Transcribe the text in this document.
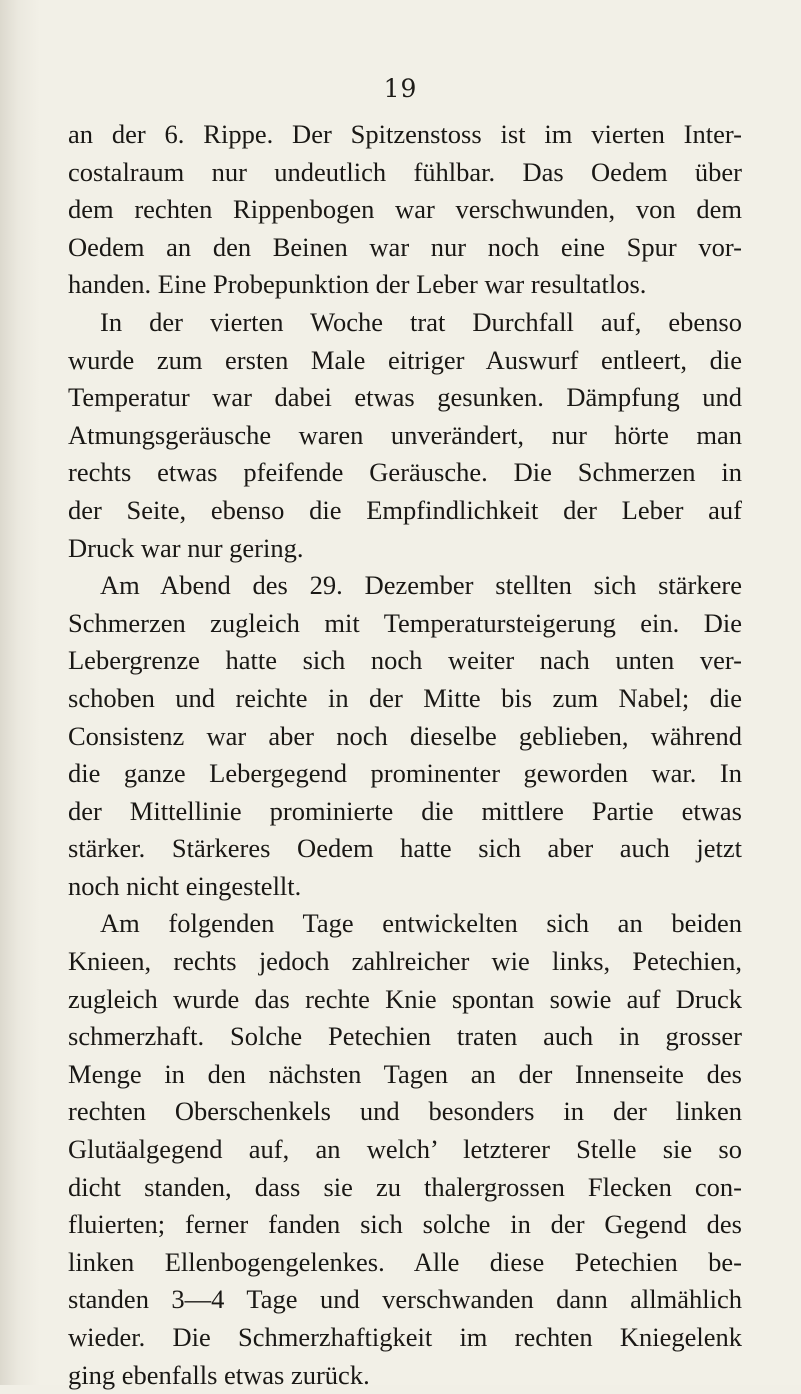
19
an der 6. Rippe. Der Spitzenstoss ist im vierten Inter-
costalraum nur undeutlich fühlbar. Das Oedem über
dem rechten Rippenbogen war verschwunden, von dem
Oedem an den Beinen war nur noch eine Spur vor-
handen. Eine Probepunktion der Leber war resultatlos.
In der vierten Woche trat Durchfall auf, ebenso
wurde zum ersten Male eitriger Auswurf entleert, die
Temperatur war dabei etwas gesunken. Dämpfung und
Atmungsgeräusche waren unverändert, nur hörte man
rechts etwas pfeifende Geräusche. Die Schmerzen in
der Seite, ebenso die Empfindlichkeit der Leber auf
Druck war nur gering.
Am Abend des 29. Dezember stellten sich stärkere
Schmerzen zugleich mit Temperatursteigerung ein. Die
Lebergrenze hatte sich noch weiter nach unten ver-
schoben und reichte in der Mitte bis zum Nabel; die
Consistenz war aber noch dieselbe geblieben, während
die ganze Lebergegend prominenter geworden war. In
der Mittellinie prominierte die mittlere Partie etwas
stärker. Stärkeres Oedem hatte sich aber auch jetzt
noch nicht eingestellt.
Am folgenden Tage entwickelten sich an beiden
Knieen, rechts jedoch zahlreicher wie links, Petechien,
zugleich wurde das rechte Knie spontan sowie auf Druck
schmerzhaft. Solche Petechien traten auch in grosser
Menge in den nächsten Tagen an der Innenseite des
rechten Oberschenkels und besonders in der linken
Glutäalgegend auf, an welch’ letzterer Stelle sie so
dicht standen, dass sie zu thalergrossen Flecken con-
fluierten; ferner fanden sich solche in der Gegend des
linken Ellenbogengelenkes. Alle diese Petechien be-
standen 3—4 Tage und verschwanden dann allmählich
wieder. Die Schmerzhaftigkeit im rechten Kniegelenk
ging ebenfalls etwas zurück.
